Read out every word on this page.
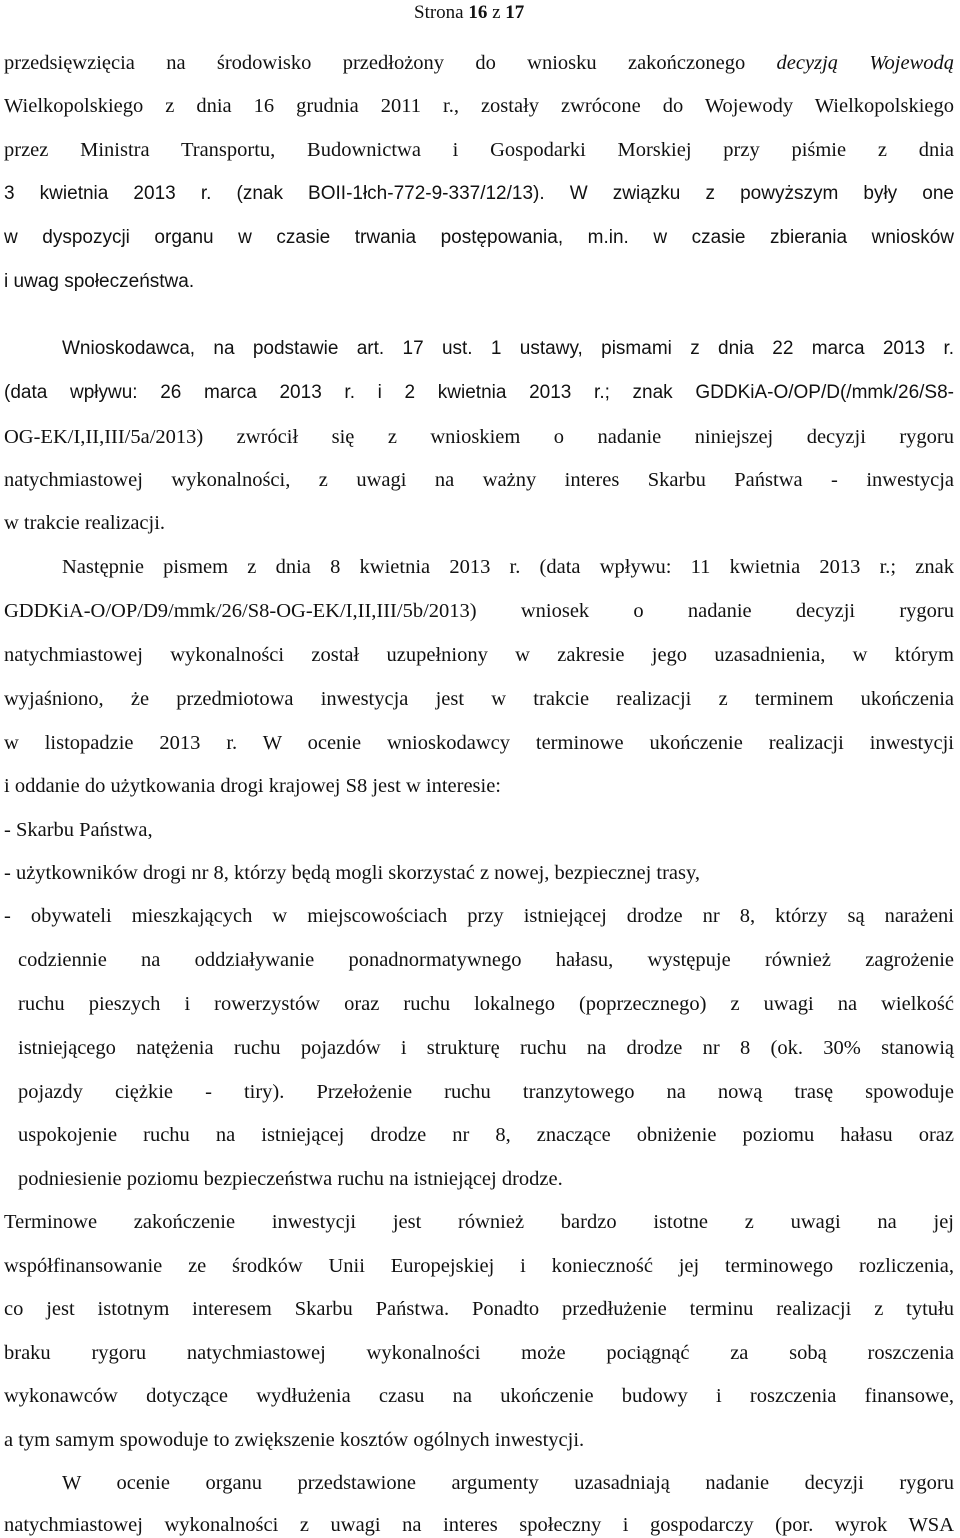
Strona 16 z 17
przedsięwzięcia na środowisko przedłożony do wniosku zakończonego decyzją Wojewodą
Wielkopolskiego z dnia 16 grudnia 2011 r., zostały zwrócone do Wojewody Wielkopolskiego
przez Ministra Transportu, Budownictwa i Gospodarki Morskiej przy piśmie z dnia
3 kwietnia 2013 r. (znak BOII-1łch-772-9-337/12/13). W związku z powyższym były one
w dyspozycji organu w czasie trwania postępowania, m.in. w czasie zbierania wniosków
i uwag społeczeństwa.
Wnioskodawca, na podstawie art. 17 ust. 1 ustawy, pismami z dnia 22 marca 2013 r.
(data wpływu: 26 marca 2013 r. i 2 kwietnia 2013 r.; znak GDDKiA-O/OP/D(/mmk/26/S8-
OG-EK/I,II,III/5a/2013) zwrócił się z wnioskiem o nadanie niniejszej decyzji rygoru
natychmiastowej wykonalności, z uwagi na ważny interes Skarbu Państwa - inwestycja
w trakcie realizacji.
Następnie pismem z dnia 8 kwietnia 2013 r. (data wpływu: 11 kwietnia 2013 r.; znak
GDDKiA-O/OP/D9/mmk/26/S8-OG-EK/I,II,III/5b/2013) wniosek o nadanie decyzji rygoru
natychmiastowej wykonalności został uzupełniony w zakresie jego uzasadnienia, w którym
wyjaśniono, że przedmiotowa inwestycja jest w trakcie realizacji z terminem ukończenia
w listopadzie 2013 r. W ocenie wnioskodawcy terminowe ukończenie realizacji inwestycji
i oddanie do użytkowania drogi krajowej S8 jest w interesie:
- Skarbu Państwa,
- użytkowników drogi nr 8, którzy będą mogli skorzystać z nowej, bezpiecznej trasy,
- obywateli mieszkających w miejscowościach przy istniejącej drodze nr 8, którzy są narażeni
codziennie na oddziaływanie ponadnormatywnego hałasu, występuje również zagrożenie
ruchu pieszych i rowerzystów oraz ruchu lokalnego (poprzecznego) z uwagi na wielkość
istniejącego natężenia ruchu pojazdów i strukturę ruchu na drodze nr 8 (ok. 30% stanowią
pojazdy ciężkie - tiry). Przełożenie ruchu tranzytowego na nową trasę spowoduje
uspokojenie ruchu na istniejącej drodze nr 8, znaczące obniżenie poziomu hałasu oraz
podniesienie poziomu bezpieczeństwa ruchu na istniejącej drodze.
Terminowe zakończenie inwestycji jest również bardzo istotne z uwagi na jej
współfinansowanie ze środków Unii Europejskiej i konieczność jej terminowego rozliczenia,
co jest istotnym interesem Skarbu Państwa. Ponadto przedłużenie terminu realizacji z tytułu
braku rygoru natychmiastowej wykonalności może pociągnąć za sobą roszczenia
wykonawców dotyczące wydłużenia czasu na ukończenie budowy i roszczenia finansowe,
a tym samym spowoduje to zwiększenie kosztów ogólnych inwestycji.
W ocenie organu przedstawione argumenty uzasadniają nadanie decyzji rygoru
natychmiastowej wykonalności z uwagi na interes społeczny i gospodarczy (por. wyrok WSA
